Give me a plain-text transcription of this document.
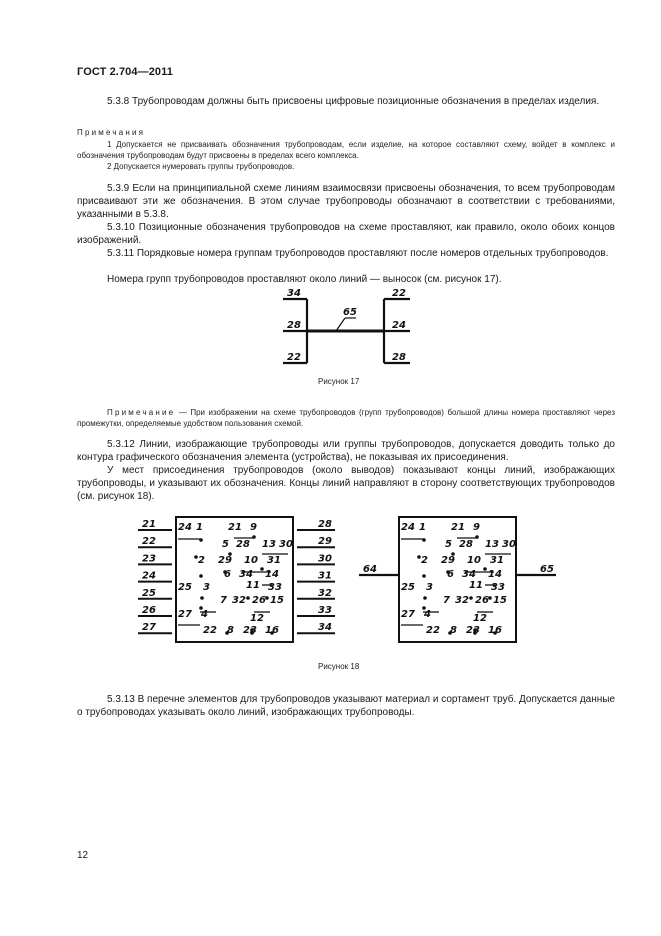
ГОСТ 2.704—2011
5.3.8 Трубопроводам должны быть присвоены цифровые позиционные обозначения в пределах изделия.
Примечания
1 Допускается не присваивать обозначения трубопроводам, если изделие, на которое составляют схему, войдет в комплекс и обозначения трубопроводам будут присвоены в пределах всего комплекса.
2 Допускается нумеровать группы трубопроводов.
5.3.9 Если на принципиальной схеме линиям взаимосвязи присвоены обозначения, то всем трубопроводам присваивают эти же обозначения. В этом случае трубопроводы обозначают в соответствии с требованиями, указанными в 5.3.8.
5.3.10 Позиционные обозначения трубопроводов на схеме проставляют, как правило, около обоих концов изображений.
5.3.11 Порядковые номера группам трубопроводов проставляют после номеров отдельных трубопроводов.
Номера групп трубопроводов проставляют около линий — выносок (см. рисунок 17).
34
28
22
22
24
28
65
Рисунок 17
Примечание — При изображении на схеме трубопроводов (групп трубопроводов) большой длины номера проставляют через промежутки, определяемые удобством пользования схемой.
5.3.12 Линии, изображающие трубопроводы или группы трубопроводов, допускается доводить только до контура графического обозначения элемента (устройства), не показывая их присоединения.
У мест присоединения трубопроводов (около выводов) показывают концы линий, изображающих трубопроводы, и указывают их обозначения. Концы линий направляют в сторону соответствующих трубопроводов (см. рисунок 18).
21
22
23
24
25
26
27
28
29
30
31
32
33
34
24 1	21 9
5 28 13 30
2 29 10 31
6 34 14
11
25 3	33
7 32 26 15
27 4	12
22 8 23 16
24 1	21 9
5 28 13 30
2 29 10 31
6 34 14
11
25 3	33
7 32 26 15
27 4	12
22 8 23 16
64	65
Рисунок 18
5.3.13 В перечне элементов для трубопроводов указывают материал и сортамент труб. Допускается данные о трубопроводах указывать около линий, изображающих трубопроводы.
12
